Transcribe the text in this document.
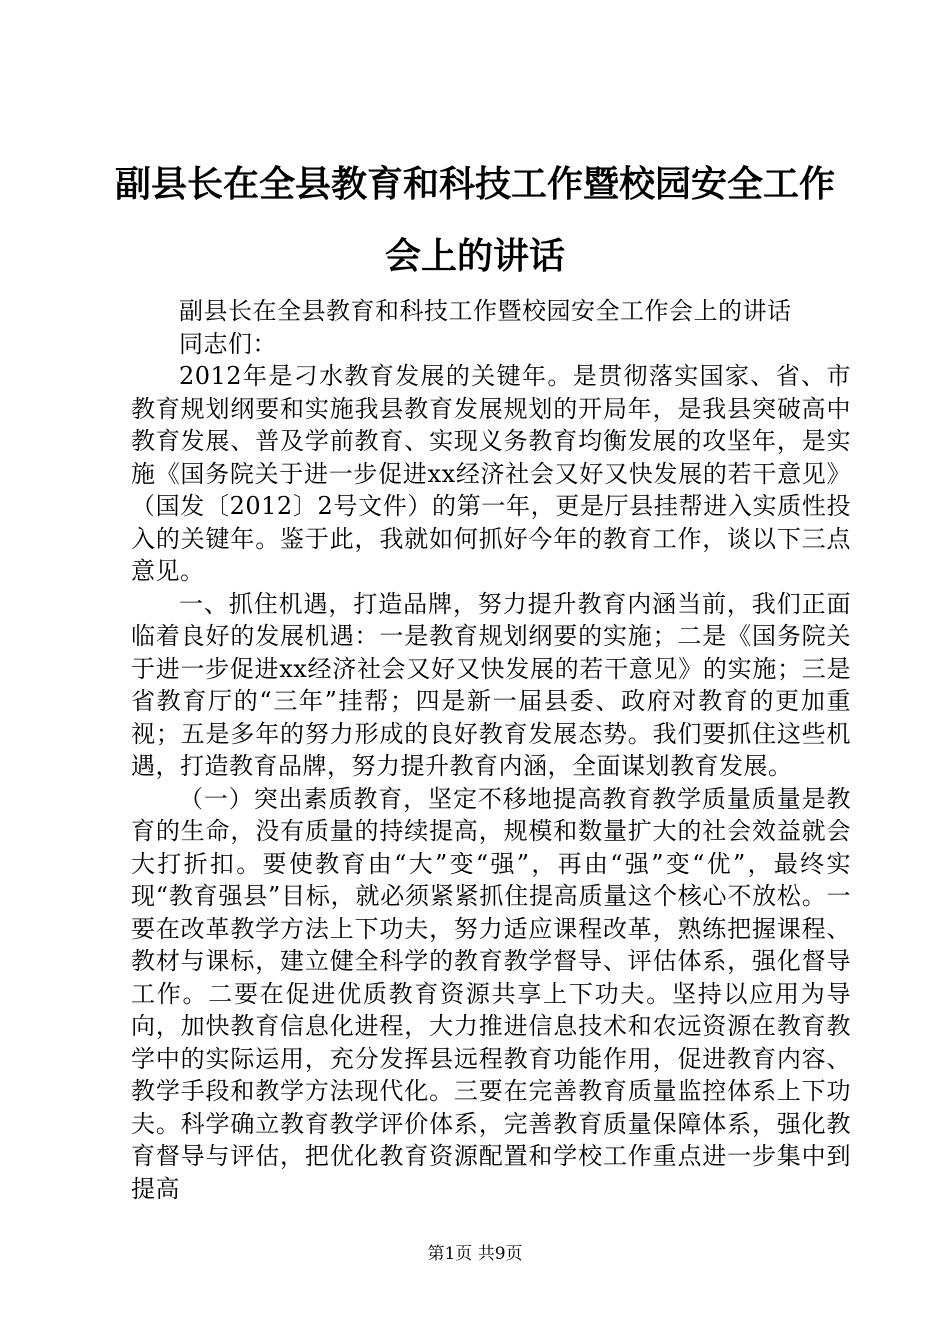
副县长在全县教育和科技工作暨校园安全工作
会上的讲话

副县长在全县教育和科技工作暨校园安全工作会上的讲话

同志们：

2012年是刁水教育发展的关键年。是贯彻落实国家、省、市教育规划纲要和实施我县教育发展规划的开局年，是我县突破高中教育发展、普及学前教育、实现义务教育均衡发展的攻坚年，是实施《国务院关于进一步促进xx经济社会又好又快发展的若干意见》（国发〔2012〕2号文件）的第一年，更是厅县挂帮进入实质性投入的关键年。鉴于此，我就如何抓好今年的教育工作，谈以下三点意见。

一、抓住机遇，打造品牌，努力提升教育内涵当前，我们正面临着良好的发展机遇：一是教育规划纲要的实施；二是《国务院关于进一步促进xx经济社会又好又快发展的若干意见》的实施；三是省教育厅的“三年”挂帮；四是新一届县委、政府对教育的更加重视；五是多年的努力形成的良好教育发展态势。我们要抓住这些机遇，打造教育品牌，努力提升教育内涵，全面谋划教育发展。

（一）突出素质教育，坚定不移地提高教育教学质量质量是教育的生命，没有质量的持续提高，规模和数量扩大的社会效益就会大打折扣。要使教育由“大”变“强”，再由“强”变“优”，最终实现“教育强县”目标，就必须紧紧抓住提高质量这个核心不放松。一要在改革教学方法上下功夫，努力适应课程改革，熟练把握课程、教材与课标，建立健全科学的教育教学督导、评估体系，强化督导工作。二要在促进优质教育资源共享上下功夫。坚持以应用为导向，加快教育信息化进程，大力推进信息技术和农远资源在教育教学中的实际运用，充分发挥县远程教育功能作用，促进教育内容、教学手段和教学方法现代化。三要在完善教育质量监控体系上下功夫。科学确立教育教学评价体系，完善教育质量保障体系，强化教育督导与评估，把优化教育资源配置和学校工作重点进一步集中到提高

第1页 共9页
